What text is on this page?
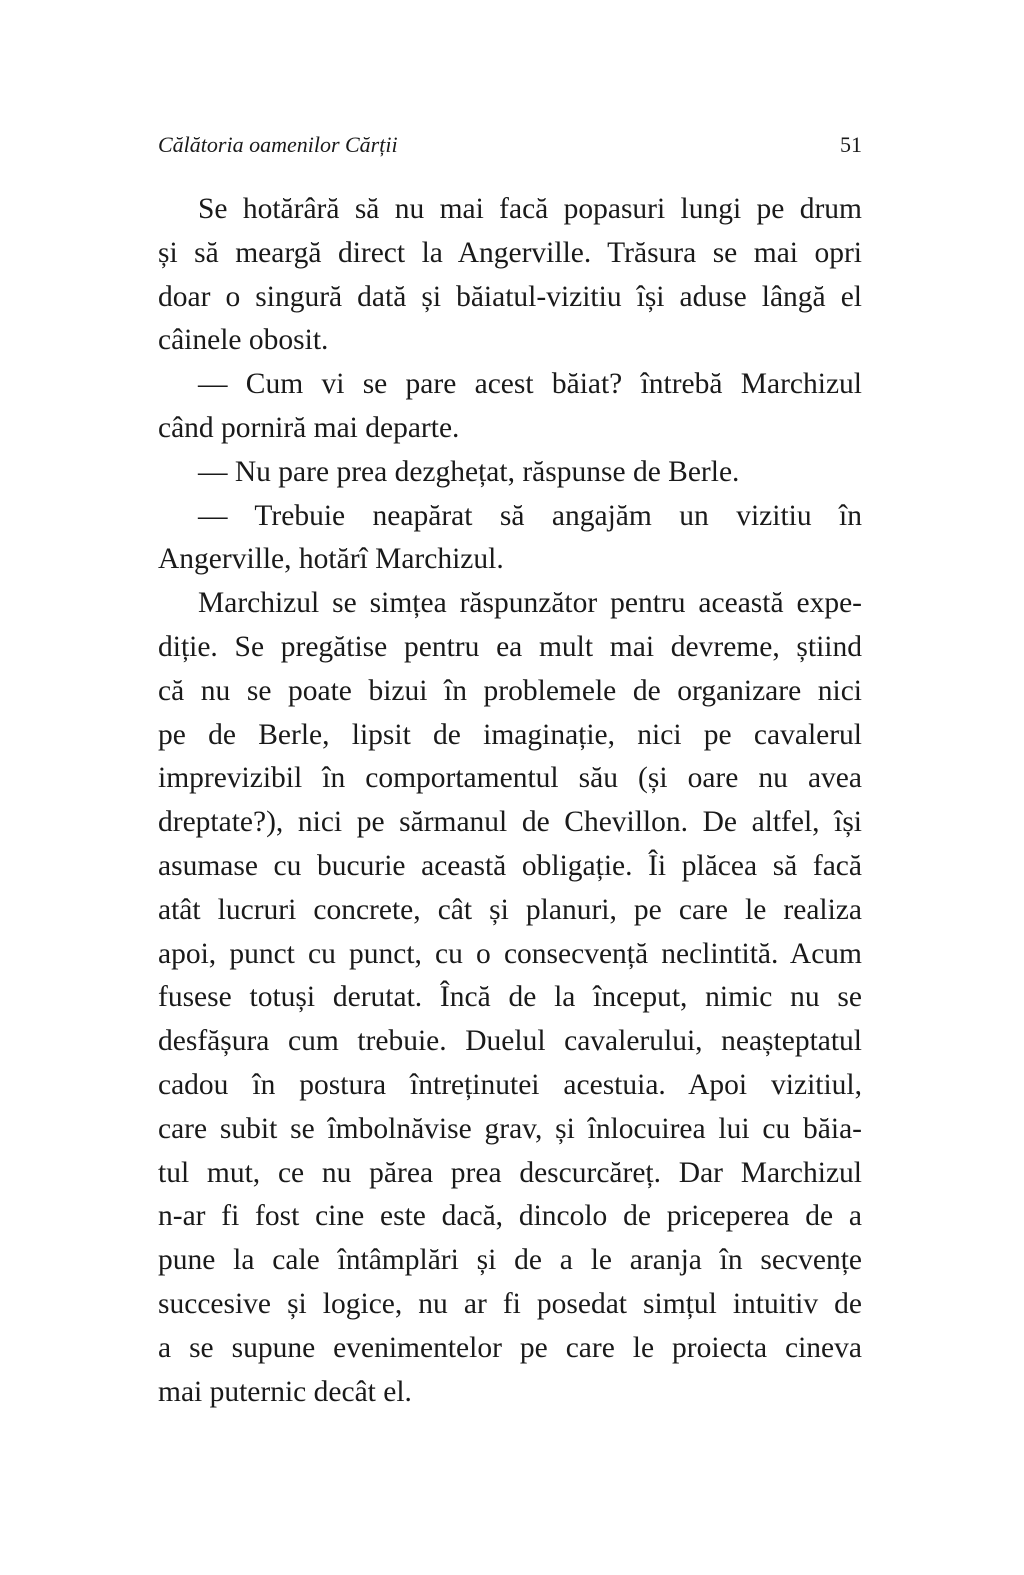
Călătoria oamenilor Cărții	51
Se hotărâră să nu mai facă popasuri lungi pe drum
și să meargă direct la Angerville. Trăsura se mai opri
doar o singură dată și băiatul-vizitiu își aduse lângă el
câinele obosit.
— Cum vi se pare acest băiat? întrebă Marchizul
când porniră mai departe.
— Nu pare prea dezghețat, răspunse de Berle.
— Trebuie neapărat să angajăm un vizitiu în
Angerville, hotărî Marchizul.
Marchizul se simțea răspunzător pentru această expe-
diție. Se pregătise pentru ea mult mai devreme, știind
că nu se poate bizui în problemele de organizare nici
pe de Berle, lipsit de imaginație, nici pe cavalerul
imprevizibil în comportamentul său (și oare nu avea
dreptate?), nici pe sărmanul de Chevillon. De altfel, își
asumase cu bucurie această obligație. Îi plăcea să facă
atât lucruri concrete, cât și planuri, pe care le realiza
apoi, punct cu punct, cu o consecvență neclintită. Acum
fusese totuși derutat. Încă de la început, nimic nu se
desfășura cum trebuie. Duelul cavalerului, neașteptatul
cadou în postura întreținutei acestuia. Apoi vizitiul,
care subit se îmbolnăvise grav, și înlocuirea lui cu băia-
tul mut, ce nu părea prea descurcăreț. Dar Marchizul
n-ar fi fost cine este dacă, dincolo de priceperea de a
pune la cale întâmplări și de a le aranja în secvențe
succesive și logice, nu ar fi posedat simțul intuitiv de
a se supune evenimentelor pe care le proiecta cineva
mai puternic decât el.
